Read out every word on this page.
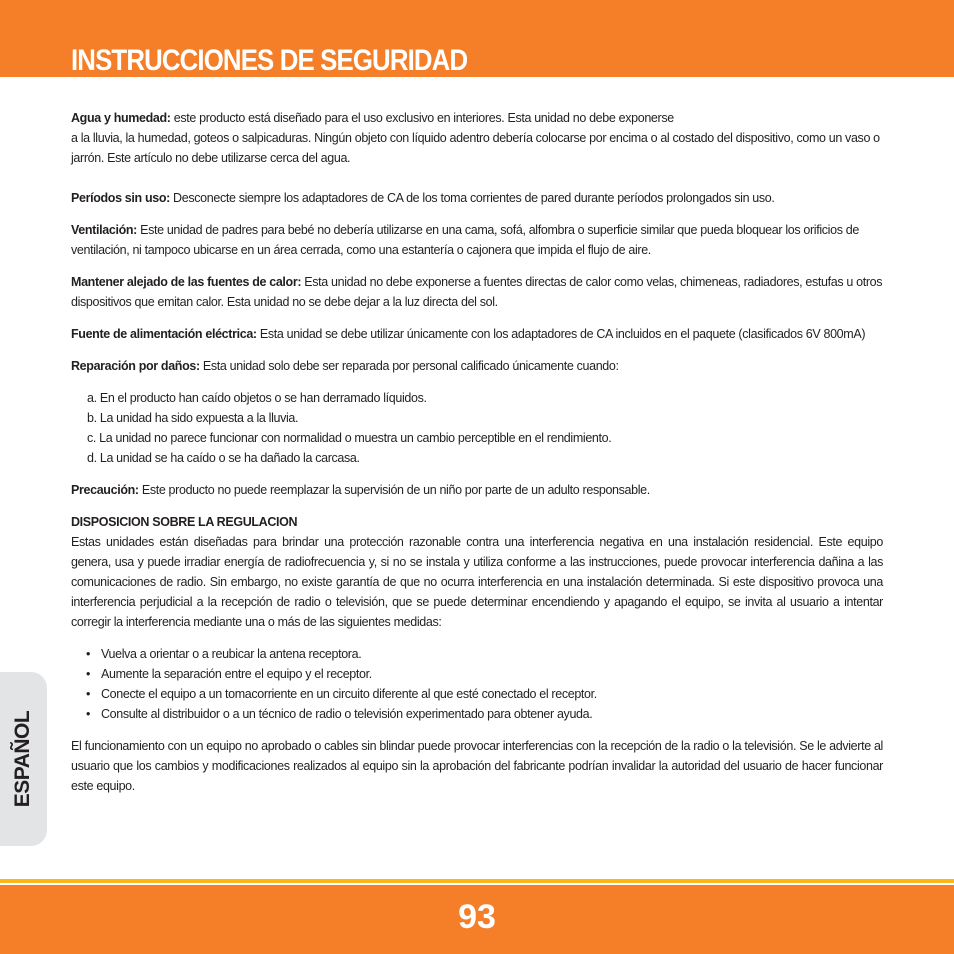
INSTRUCCIONES DE SEGURIDAD

Agua y humedad: este producto está diseñado para el uso exclusivo en interiores. Esta unidad no debe exponerse

a la lluvia, la humedad, goteos o salpicaduras. Ningún objeto con líquido adentro debería colocarse por encima o al costado del dispositivo, como un vaso o jarrón. Este artículo no debe utilizarse cerca del agua.

Períodos sin uso: Desconecte siempre los adaptadores de CA de los toma corrientes de pared durante períodos prolongados sin uso.

Ventilación: Este unidad de padres para bebé no debería utilizarse en una cama, sofá, alfombra o superficie similar que pueda bloquear los orificios de ventilación, ni tampoco ubicarse en un área cerrada, como una estantería o cajonera que impida el flujo de aire.

Mantener alejado de las fuentes de calor: Esta unidad no debe exponerse a fuentes directas de calor como velas, chimeneas, radiadores, estufas u otros dispositivos que emitan calor. Esta unidad no se debe dejar a la luz directa del sol.

Fuente de alimentación eléctrica: Esta unidad se debe utilizar únicamente con los adaptadores de CA incluidos en el paquete (clasificados 6V 800mA)

Reparación por daños: Esta unidad solo debe ser reparada por personal calificado únicamente cuando:

a. En el producto han caído objetos o se han derramado líquidos.
b. La unidad ha sido expuesta a la lluvia.
c. La unidad no parece funcionar con normalidad o muestra un cambio perceptible en el rendimiento.
d. La unidad se ha caído o se ha dañado la carcasa.

Precaución: Este producto no puede reemplazar la supervisión de un niño por parte de un adulto responsable.

DISPOSICION SOBRE LA REGULACION

Estas unidades están diseñadas para brindar una protección razonable contra una interferencia negativa en una instalación residencial. Este equipo genera, usa y puede irradiar energía de radiofrecuencia y, si no se instala y utiliza conforme a las instrucciones, puede provocar interferencia dañina a las comunicaciones de radio. Sin embargo, no existe garantía de que no ocurra interferencia en una instalación determinada. Si este dispositivo provoca una interferencia perjudicial a la recepción de radio o televisión, que se puede determinar encendiendo y apagando el equipo, se invita al usuario a intentar corregir la interferencia mediante una o más de las siguientes medidas:

• Vuelva a orientar o a reubicar la antena receptora.
• Aumente la separación entre el equipo y el receptor.
• Conecte el equipo a un tomacorriente en un circuito diferente al que esté conectado el receptor.
• Consulte al distribuidor o a un técnico de radio o televisión experimentado para obtener ayuda.

El funcionamiento con un equipo no aprobado o cables sin blindar puede provocar interferencias con la recepción de la radio o la televisión. Se le advierte al usuario que los cambios y modificaciones realizados al equipo sin la aprobación del fabricante podrían invalidar la autoridad del usuario de hacer funcionar este equipo.

ESPAÑOL
93
